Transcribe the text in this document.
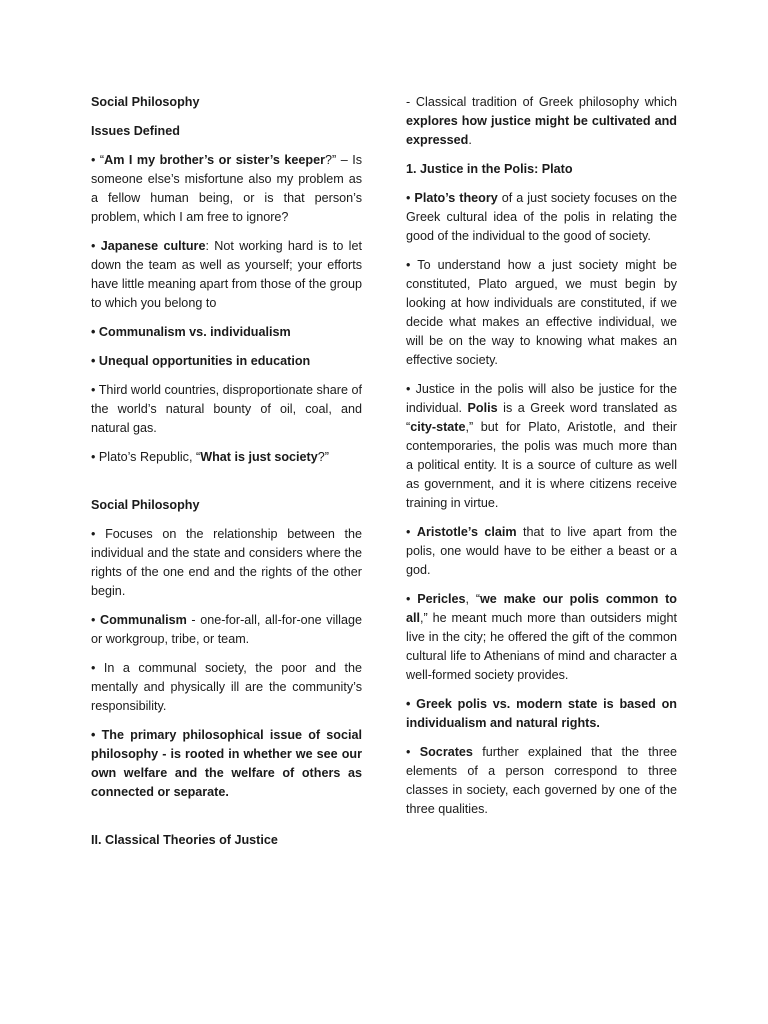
Social Philosophy

Issues Defined

• “Am I my brother’s or sister’s keeper?” – Is someone else’s misfortune also my problem as a fellow human being, or is that person’s problem, which I am free to ignore?

• Japanese culture: Not working hard is to let down the team as well as yourself; your efforts have little meaning apart from those of the group to which you belong to

• Communalism vs. individualism

• Unequal opportunities in education

• Third world countries, disproportionate share of the world’s natural bounty of oil, coal, and natural gas.

• Plato’s Republic, “What is just society?”

Social Philosophy

• Focuses on the relationship between the individual and the state and considers where the rights of the one end and the rights of the other begin.

• Communalism - one-for-all, all-for-one village or workgroup, tribe, or team.

• In a communal society, the poor and the mentally and physically ill are the community’s responsibility.

• The primary philosophical issue of social philosophy - is rooted in whether we see our own welfare and the welfare of others as connected or separate.

II. Classical Theories of Justice

- Classical tradition of Greek philosophy which explores how justice might be cultivated and expressed.

1. Justice in the Polis: Plato

• Plato’s theory of a just society focuses on the Greek cultural idea of the polis in relating the good of the individual to the good of society.

• To understand how a just society might be constituted, Plato argued, we must begin by looking at how individuals are constituted, if we decide what makes an effective individual, we will be on the way to knowing what makes an effective society.

• Justice in the polis will also be justice for the individual. Polis is a Greek word translated as “city-state,” but for Plato, Aristotle, and their contemporaries, the polis was much more than a political entity. It is a source of culture as well as government, and it is where citizens receive training in virtue.

• Aristotle’s claim that to live apart from the polis, one would have to be either a beast or a god.

• Pericles, “we make our polis common to all,” he meant much more than outsiders might live in the city; he offered the gift of the common cultural life to Athenians of mind and character a well-formed society provides.

• Greek polis vs. modern state is based on individualism and natural rights.

• Socrates further explained that the three elements of a person correspond to three classes in society, each governed by one of the three qualities.
